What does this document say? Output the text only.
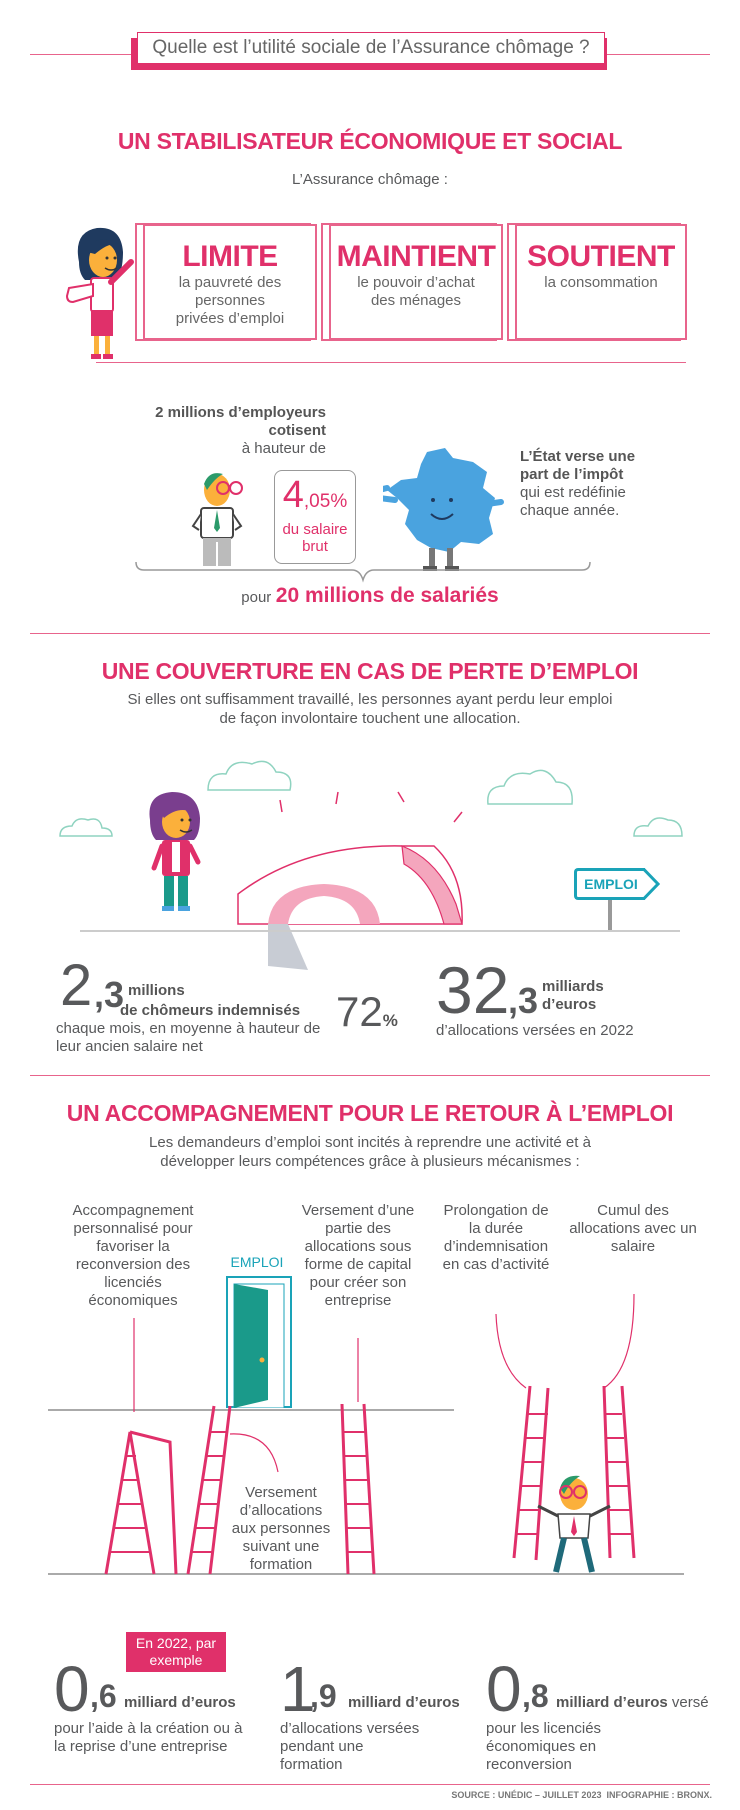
Quelle est l’utilité sociale de l’Assurance chômage ?
UN STABILISATEUR ÉCONOMIQUE ET SOCIAL
L’Assurance chômage :
LIMITE
la pauvreté des personnes privées d’emploi
MAINTIENT
le pouvoir d’achat des ménages
SOUTIENT
la consommation
2 millions d’employeurs cotisent
à hauteur de
4,05%
du salaire brut
L’État verse une part de l’impôt
qui est redéfinie chaque année.
pour 20 millions de salariés
UNE COUVERTURE EN CAS DE PERTE D’EMPLOI
Si elles ont suffisamment travaillé, les personnes ayant perdu leur emploi de façon involontaire touchent une allocation.
EMPLOI
2 ,3 millions
de chômeurs indemnisés
chaque mois, en moyenne à hauteur de leur ancien salaire net
72% 32
,3 milliards d’euros
d’allocations versées en 2022
UN ACCOMPAGNEMENT POUR LE RETOUR À L’EMPLOI
Les demandeurs d’emploi sont incités à reprendre une activité et à développer leurs compétences grâce à plusieurs mécanismes :
Accompagnement personnalisé pour favoriser la reconversion des licenciés économiques
Versement d’une partie des allocations sous forme de capital pour créer son entreprise
Prolongation de la durée d’indemnisation en cas d’activité
Cumul des allocations avec un salaire
Versement d’allocations aux personnes suivant une formation
EMPLOI
En 2022, par exemple
0 ,6 milliard d’euros
pour l’aide à la création ou à la reprise d’une entreprise
1
,9 milliard d’euros
d’allocations versées pendant une formation
0 ,8 milliard d’euros versé
pour les licenciés économiques en reconversion
SOURCE : UNÉDIC – JUILLET 2023 INFOGRAPHIE : BRONX.
